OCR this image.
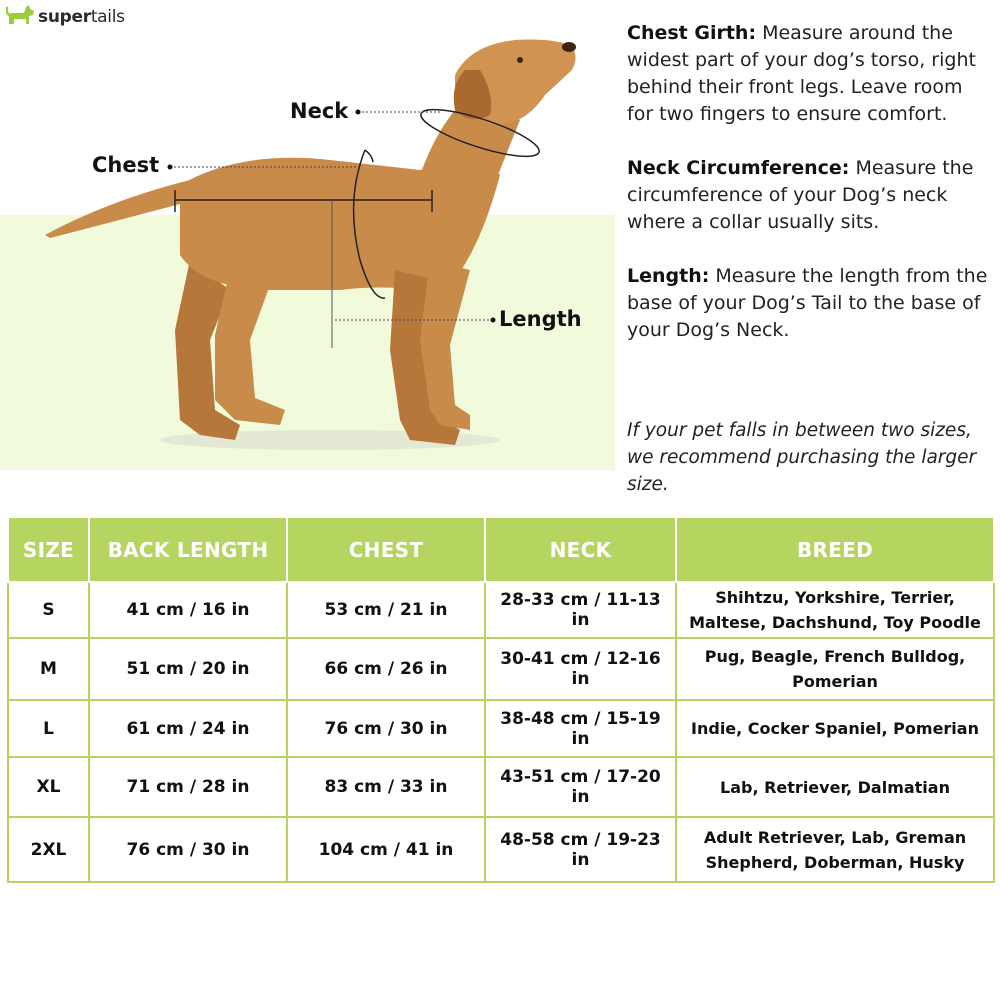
supertails
Neck
Chest
Length

Chest Girth: Measure around the widest part of your dog’s torso, right behind their front legs. Leave room for two fingers to ensure comfort.

Neck Circumference: Measure the circumference of your Dog’s neck where a collar usually sits.

Length: Measure the length from the base of your Dog’s Tail to the base of your Dog’s Neck.

If your pet falls in between two sizes, we recommend purchasing the larger size.
SIZE	BACK LENGTH	CHEST	NECK	BREED
S	41 cm / 16 in	53 cm / 21 in	28-33 cm / 11-13 in	Shihtzu, Yorkshire, Terrier,
Maltese, Dachshund, Toy Poodle
M	51 cm / 20 in	66 cm / 26 in	30-41 cm / 12-16 in	Pug, Beagle, French Bulldog,
Pomerian
L	61 cm / 24 in	76 cm / 30 in	38-48 cm / 15-19 in	Indie, Cocker Spaniel, Pomerian
XL	71 cm / 28 in	83 cm / 33 in	43-51 cm / 17-20 in	Lab, Retriever, Dalmatian
2XL	76 cm / 30 in	104 cm / 41 in	48-58 cm / 19-23 in	Adult Retriever, Lab, Greman
Shepherd, Doberman, Husky
